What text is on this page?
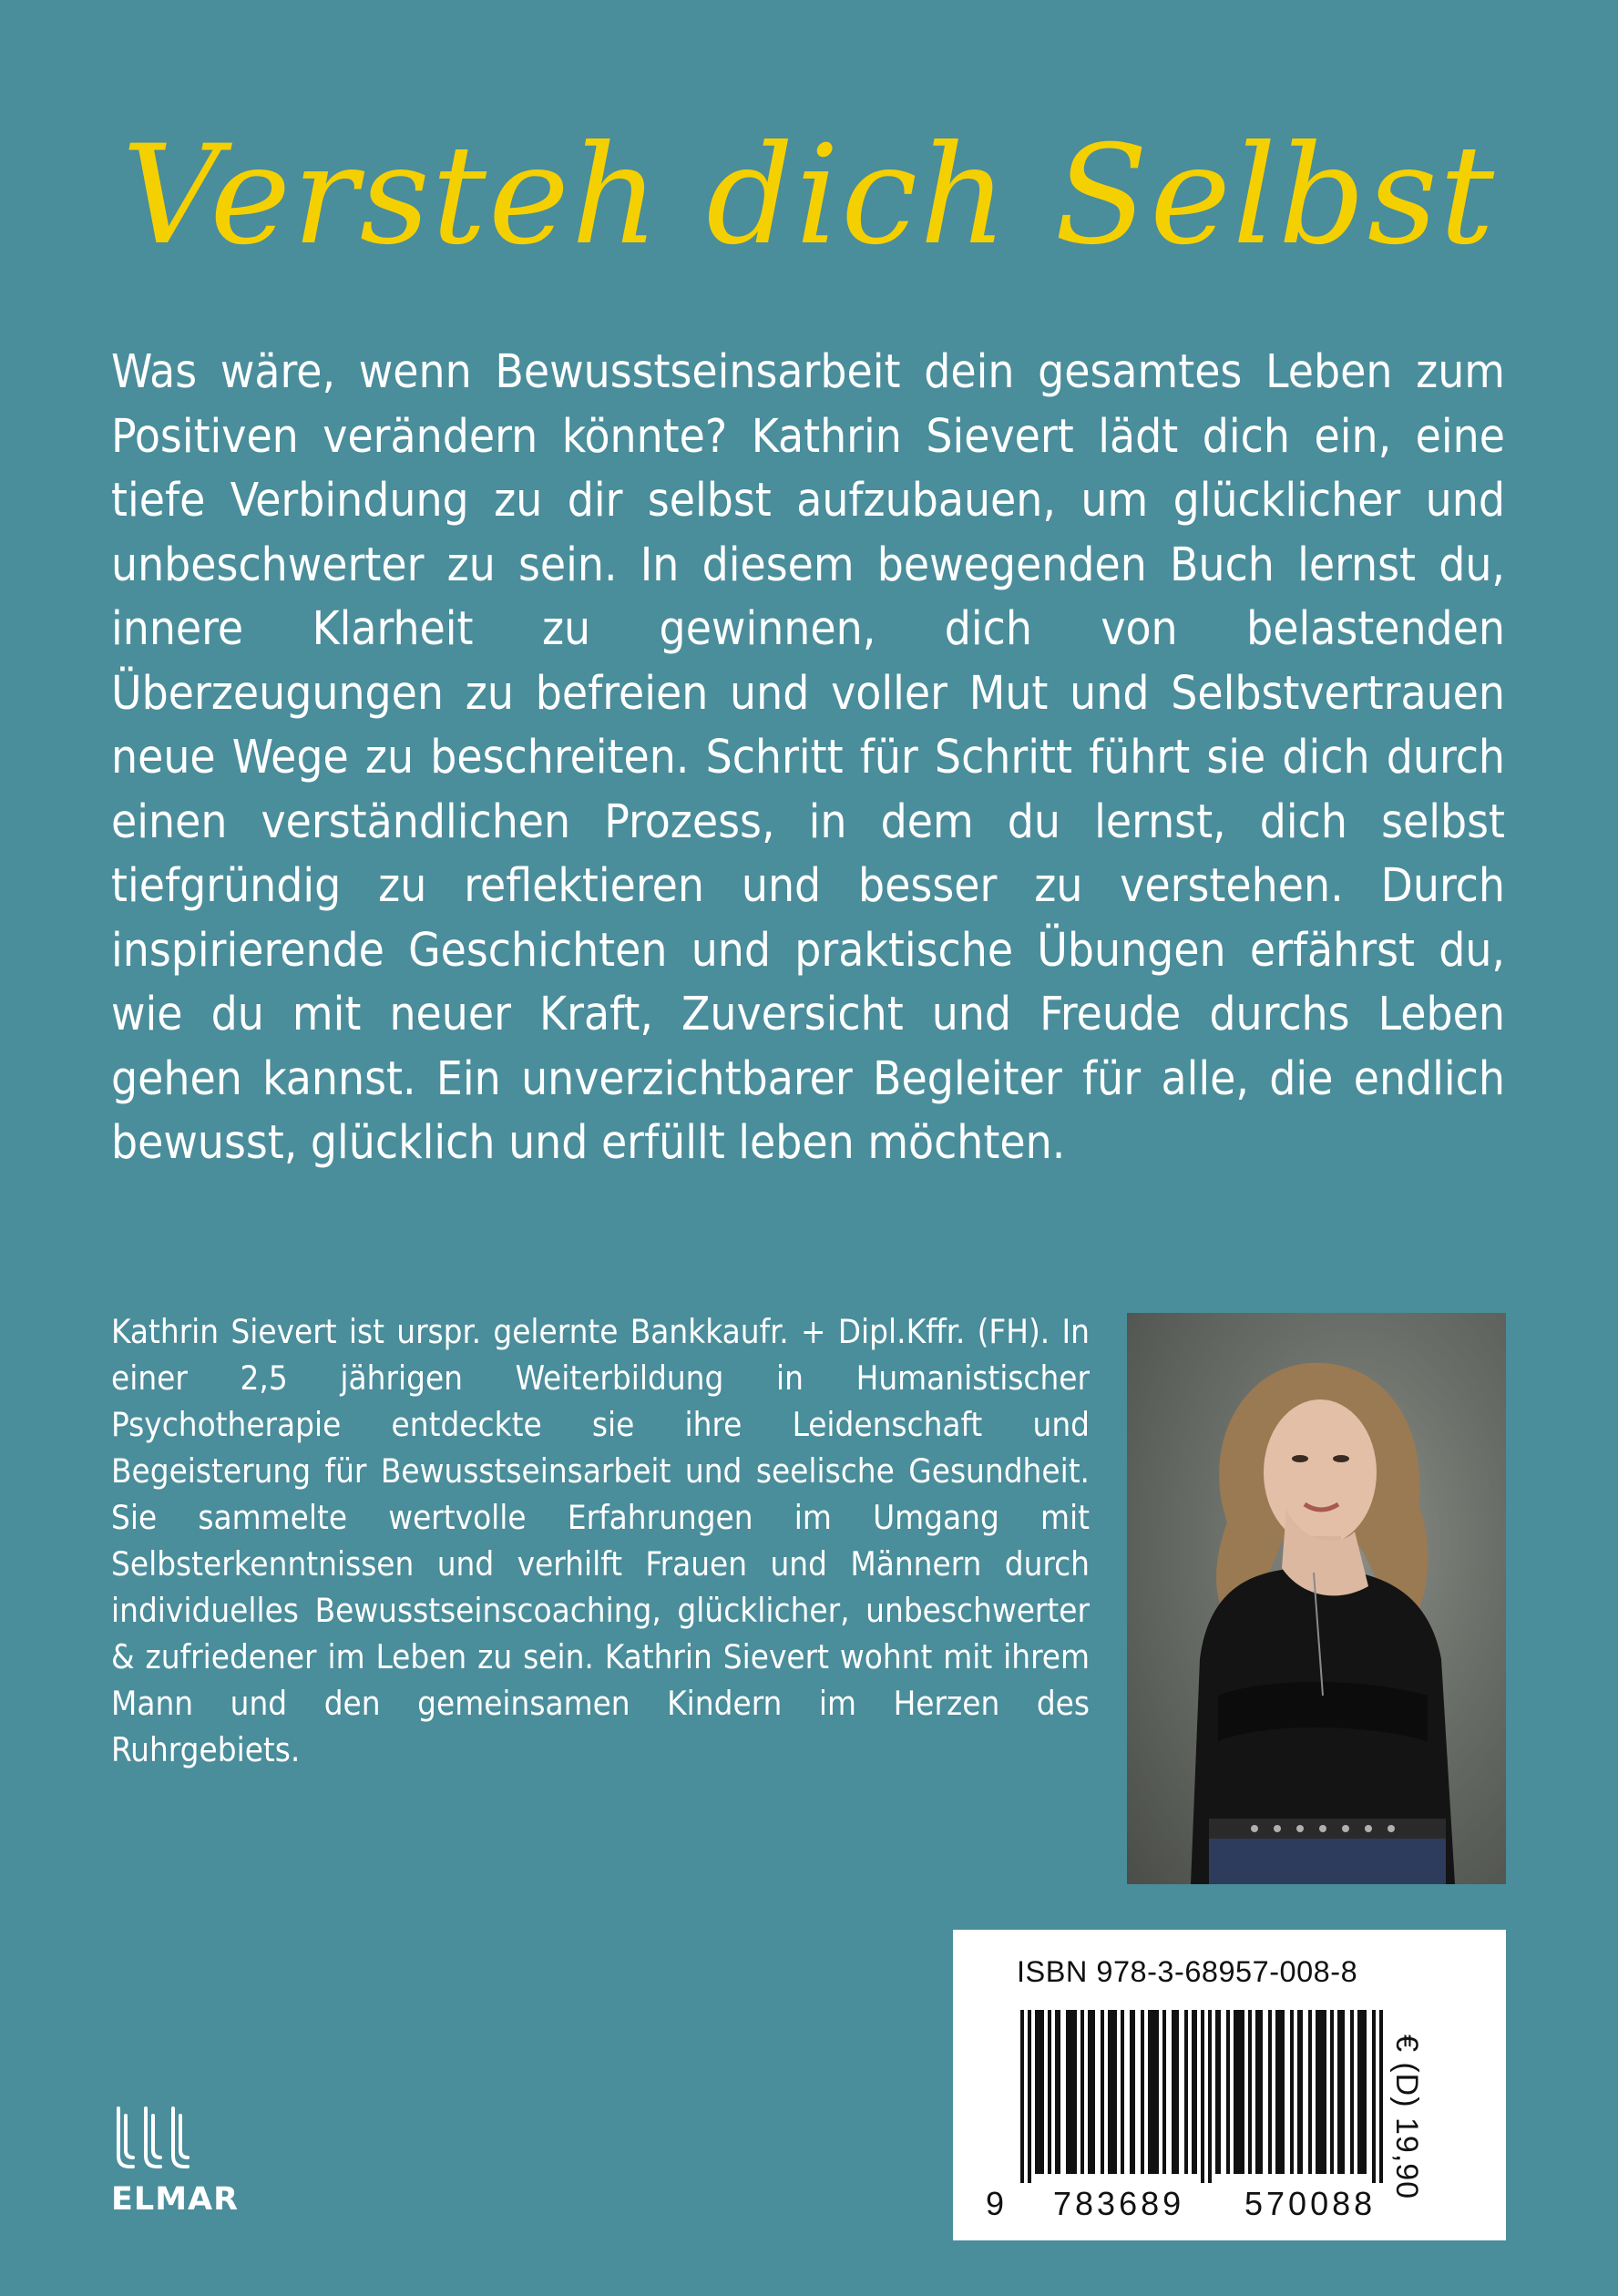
Versteh dich Selbst

Was wäre, wenn Bewusstseinsarbeit dein gesamtes Leben zum Positiven verändern könnte? Kathrin Sievert lädt dich ein, eine tiefe Verbindung zu dir selbst aufzubauen, um glücklicher und unbeschwerter zu sein. In diesem bewegenden Buch lernst du, innere Klarheit zu gewinnen, dich von belastenden Überzeugungen zu befreien und voller Mut und Selbstvertrauen neue Wege zu beschreiten. Schritt für Schritt führt sie dich durch einen verständlichen Prozess, in dem du lernst, dich selbst tiefgründig zu reflektieren und besser zu verstehen. Durch inspirierende Geschichten und praktische Übungen erfährst du, wie du mit neuer Kraft, Zuversicht und Freude durchs Leben gehen kannst. Ein unverzichtbarer Begleiter für alle, die endlich bewusst, glücklich und erfüllt leben möchten.

Kathrin Sievert ist urspr. gelernte Bankkaufr. + Dipl.Kffr. (FH). In einer 2,5 jährigen Weiterbildung in Humanistischer Psychotherapie entdeckte sie ihre Leidenschaft und Begeisterung für Bewusstseinsarbeit und seelische Gesundheit. Sie sammelte wertvolle Erfahrungen im Umgang mit Selbsterkenntnissen und verhilft Frauen und Männern durch individuelles Bewusstseinscoaching, glücklicher, unbeschwerter & zufriedener im Leben zu sein. Kathrin Sievert wohnt mit ihrem Mann und den gemeinsamen Kindern im Herzen des Ruhrgebiets.

ISBN 978-3-68957-008-8
9 783689 570088
€ (D) 19,90
ELMAR
